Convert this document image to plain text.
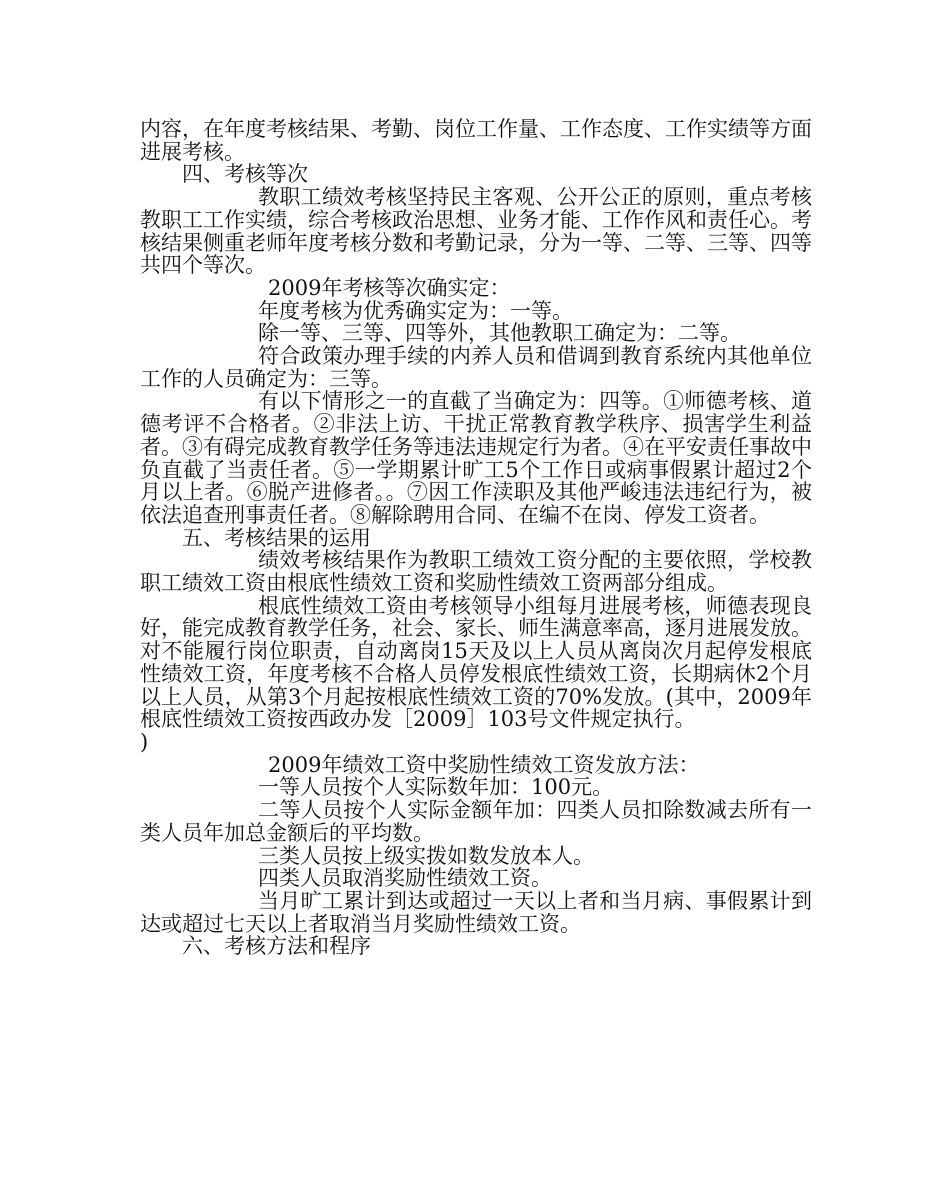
内容，在年度考核结果、考勤、岗位工作量、工作态度、工作实绩等方面进展考核。

四、考核等次

教职工绩效考核坚持民主客观、公开公正的原则，重点考核教职工工作实绩，综合考核政治思想、业务才能、工作作风和责任心。考核结果侧重老师年度考核分数和考勤记录，分为一等、二等、三等、四等共四个等次。

2009年考核等次确实定：

年度考核为优秀确实定为：一等。

除一等、三等、四等外，其他教职工确定为：二等。

符合政策办理手续的内养人员和借调到教育系统内其他单位工作的人员确定为：三等。

有以下情形之一的直截了当确定为：四等。①师德考核、道德考评不合格者。②非法上访、干扰正常教育教学秩序、损害学生利益者。③有碍完成教育教学任务等违法违规定行为者。④在平安责任事故中负直截了当责任者。⑤一学期累计旷工5个工作日或病事假累计超过2个月以上者。⑥脱产进修者。。⑦因工作渎职及其他严峻违法违纪行为，被依法追查刑事责任者。⑧解除聘用合同、在编不在岗、停发工资者。

五、考核结果的运用

绩效考核结果作为教职工绩效工资分配的主要依照，学校教职工绩效工资由根底性绩效工资和奖励性绩效工资两部分组成。

根底性绩效工资由考核领导小组每月进展考核，师德表现良好，能完成教育教学任务，社会、家长、师生满意率高，逐月进展发放。对不能履行岗位职责，自动离岗15天及以上人员从离岗次月起停发根底性绩效工资，年度考核不合格人员停发根底性绩效工资，长期病休2个月以上人员，从第3个月起按根底性绩效工资的70%发放。(其中，2009年根底性绩效工资按西政办发［2009］103号文件规定执行。

)

2009年绩效工资中奖励性绩效工资发放方法：

一等人员按个人实际数年加：100元。

二等人员按个人实际金额年加：四类人员扣除数减去所有一类人员年加总金额后的平均数。

三类人员按上级实拨如数发放本人。

四类人员取消奖励性绩效工资。

当月旷工累计到达或超过一天以上者和当月病、事假累计到达或超过七天以上者取消当月奖励性绩效工资。

六、考核方法和程序
